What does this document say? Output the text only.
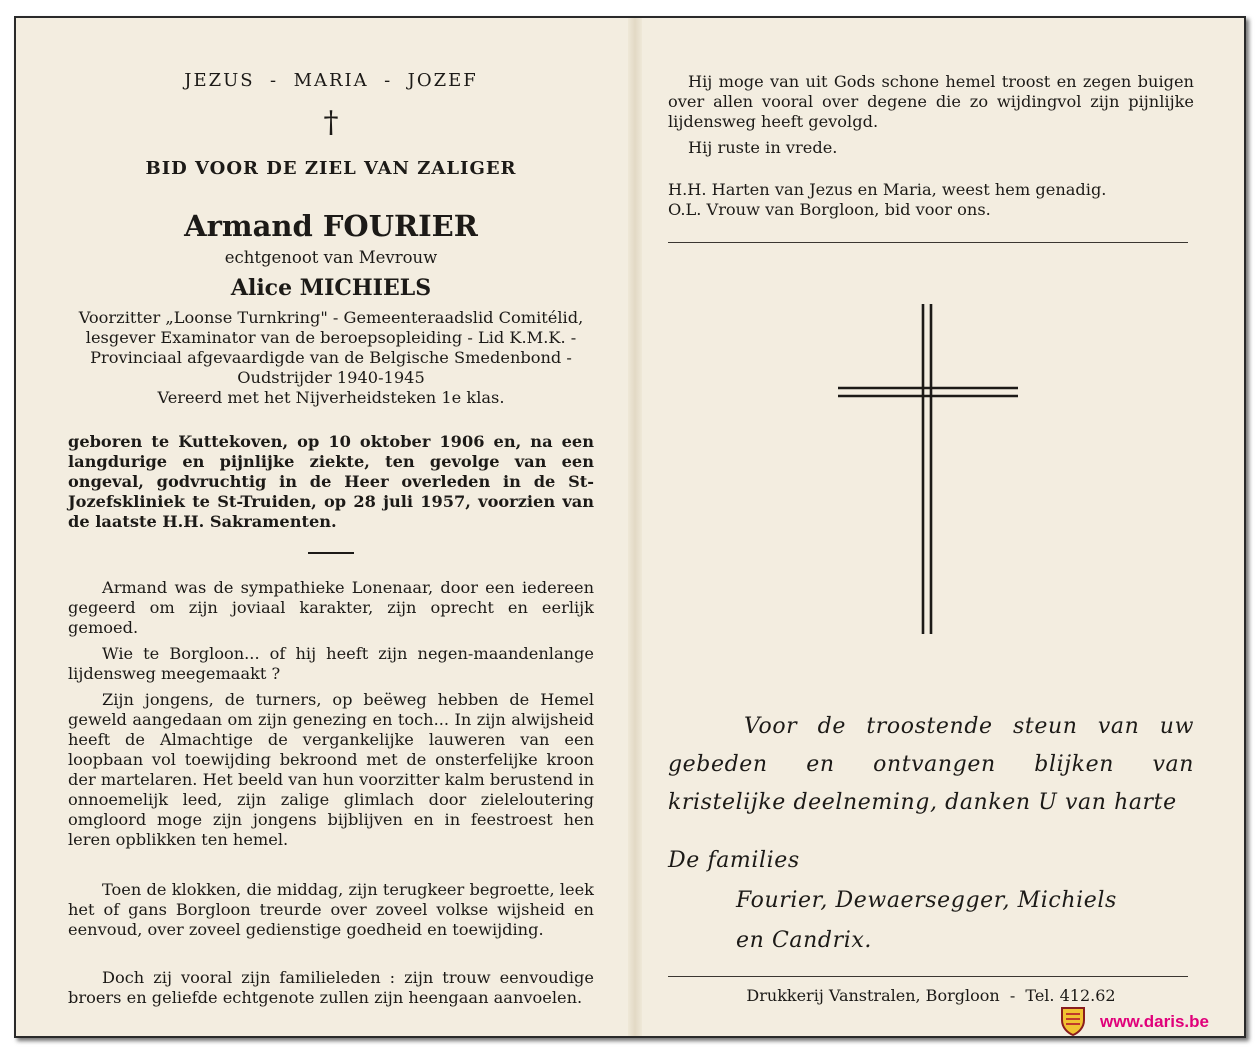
JEZUS  -  MARIA  -  JOZEF

†

BID VOOR DE ZIEL VAN ZALIGER

Armand FOURIER

echtgenoot van Mevrouw

Alice MICHIELS

Voorzitter „Loonse Turnkring" - Gemeenteraadslid Comitélid, lesgever Examinator van de beroepsopleiding - Lid K.M.K. - Provinciaal afgevaardigde van de Belgische Smedenbond - Oudstrijder 1940-1945

Vereerd met het Nijverheidsteken 1e klas.

geboren te Kuttekoven, op 10 oktober 1906 en, na een langdurige en pijnlijke ziekte, ten gevolge van een ongeval, godvruchtig in de Heer overleden in de St-Jozefskliniek te St-Truiden, op 28 juli 1957, voorzien van de laatste H.H. Sakramenten.

Armand was de sympathieke Lonenaar, door een iedereen gegeerd om zijn joviaal karakter, zijn oprecht en eerlijk gemoed.

Wie te Borgloon... of hij heeft zijn negen-maandenlange lijdensweg meegemaakt ?

Zijn jongens, de turners, op beëweg hebben de Hemel geweld aangedaan om zijn genezing en toch... In zijn alwijsheid heeft de Almachtige de vergankelijke lauweren van een loopbaan vol toewijding bekroond met de onsterfelijke kroon der martelaren. Het beeld van hun voorzitter kalm berustend in onnoemelijk leed, zijn zalige glimlach door zieleloutering omgloord moge zijn jongens bijblijven en in feestroest hen leren opblikken ten hemel.

Toen de klokken, die middag, zijn terugkeer begroette, leek het of gans Borgloon treurde over zoveel volkse wijsheid en eenvoud, over zoveel gedienstige goedheid en toewijding.

Doch zij vooral zijn familieleden : zijn trouw eenvoudige broers en geliefde echtgenote zullen zijn heengaan aanvoelen.

Hij moge van uit Gods schone hemel troost en zegen buigen over allen vooral over degene die zo wijdingvol zijn pijnlijke lijdensweg heeft gevolgd.

Hij ruste in vrede.

H.H. Harten van Jezus en Maria, weest hem genadig.

O.L. Vrouw van Borgloon, bid voor ons.

Voor de troostende steun van uw gebeden en ontvangen blijken van kristelijke deelneming, danken U van harte

De families

Fourier, Dewaersegger, Michiels

en Candrix.

Drukkerij Vanstralen, Borgloon  -  Tel. 412.62

www.daris.be
